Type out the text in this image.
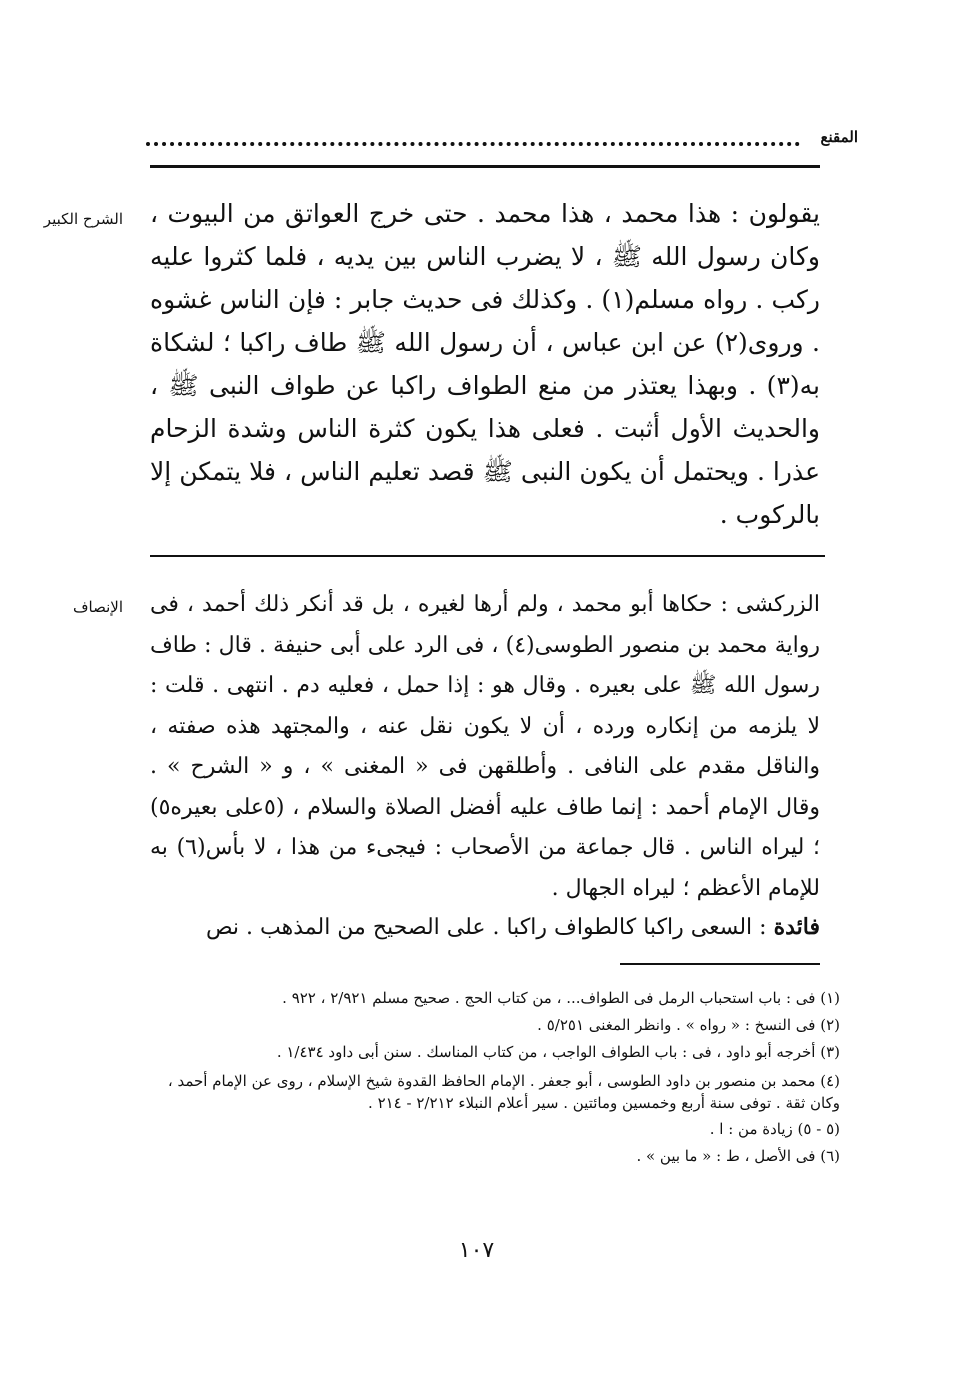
المقنع
الشرح الكبير يقولون : هذا محمد ، هذا محمد . حتى خرج العواتق من البيوت ، وكان رسول الله ﷺ ، لا يضرب الناس بين يديه ، فلما كثروا عليه ركب . رواه مسلم(١) . وكذلك فى حديث جابر : فإن الناس غشوه . وروى(٢) عن ابن عباس ، أن رسول الله ﷺ طاف راكبا ؛ لشكاة به(٣) . وبهذا يعتذر من منع الطواف راكبا عن طواف النبى ﷺ ، والحديث الأول أثبت . فعلى هذا يكون كثرة الناس وشدة الزحام عذرا . ويحتمل أن يكون النبى ﷺ قصد تعليم الناس ، فلا يتمكن إلا بالركوب .
الإنصاف الزركشى : حكاها أبو محمد ، ولم أرها لغيره ، بل قد أنكر ذلك أحمد ، فى رواية محمد بن منصور الطوسى(٤) ، فى الرد على أبى حنيفة . قال : طاف رسول الله ﷺ على بعيره . وقال هو : إذا حمل ، فعليه دم . انتهى . قلت : لا يلزمه من إنكاره ورده ، أن لا يكون نقل عنه ، والمجتهد هذه صفته ، والناقل مقدم على النافى . وأطلقهن فى « المغنى » ، و « الشرح » . وقال الإمام أحمد : إنما طاف عليه أفضل الصلاة والسلام ، (٥على بعيره٥) ؛ ليراه الناس . قال جماعة من الأصحاب : فيجىء من هذا ، لا بأس(٦) به للإمام الأعظم ؛ ليراه الجهال .
فائدة : السعى راكبا كالطواف راكبا . على الصحيح من المذهب . نص

(١) فى : باب استحباب الرمل فى الطواف... ، من كتاب الحج . صحيح مسلم ٢/٩٢١ ، ٩٢٢ .

(٢) فى النسخ : « رواه » . وانظر المغنى ٥/٢٥١ .

(٣) أخرجه أبو داود ، فى : باب الطواف الواجب ، من كتاب المناسك . سنن أبى داود ١/٤٣٤ .

(٤) محمد بن منصور بن داود الطوسى ، أبو جعفر . الإمام الحافظ القدوة شيخ الإسلام ، روى عن الإمام أحمد ، وكان ثقة . توفى سنة أربع وخمسين ومائتين . سير أعلام النبلاء ٢/٢١٢ - ٢١٤ .

(٥ - ٥) زيادة من : ا .

(٦) فى الأصل ، ط : « ما بين » .

١٠٧
